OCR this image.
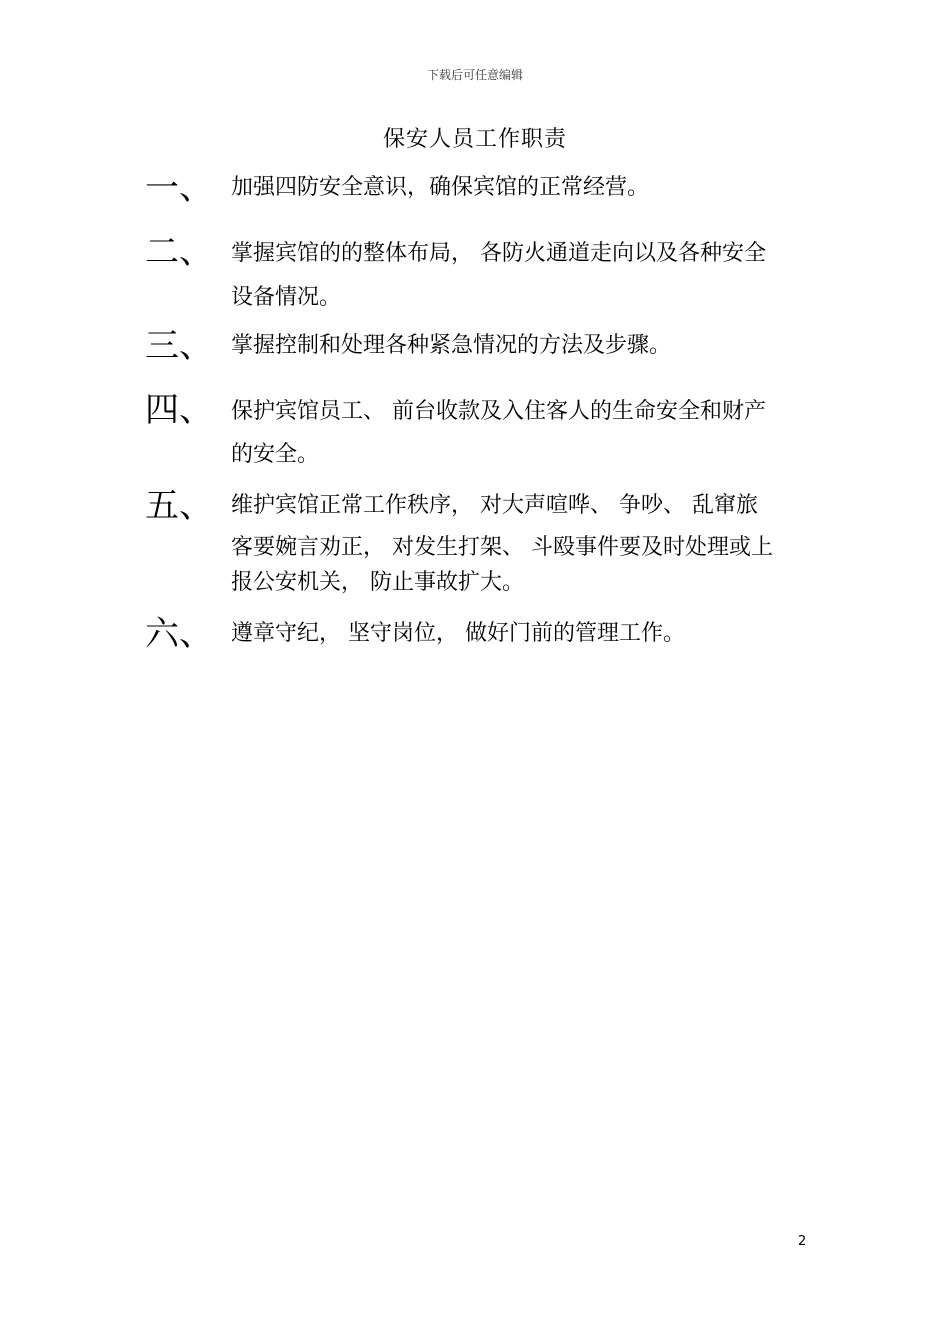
下载后可任意编辑
保安人员工作职责
一、 加强四防安全意识，确保宾馆的正常经营。
二、 掌握宾馆的的整体布局， 各防火通道走向以及各种安全
设备情况。
三、 掌握控制和处理各种紧急情况的方法及步骤。
四、 保护宾馆员工、 前台收款及入住客人的生命安全和财产
的安全。
五、 维护宾馆正常工作秩序， 对大声喧哗、 争吵、 乱窜旅
客要婉言劝正， 对发生打架、 斗殴事件要及时处理或上
报公安机关， 防止事故扩大。
六、 遵章守纪， 坚守岗位， 做好门前的管理工作。
2
